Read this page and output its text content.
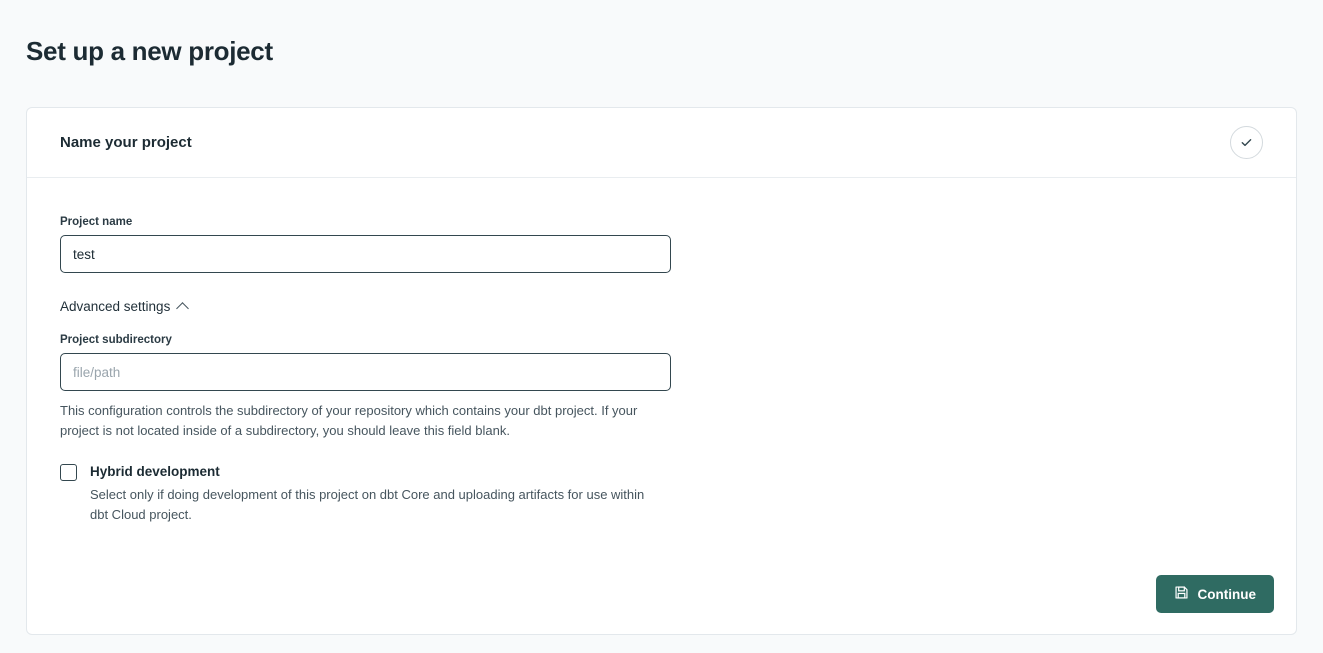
Set up a new project
Name your project
Project name
test
Advanced settings
Project subdirectory
file/path
This configuration controls the subdirectory of your repository which contains your dbt project. If your project is not located inside of a subdirectory, you should leave this field blank.
Hybrid development
Select only if doing development of this project on dbt Core and uploading artifacts for use within dbt Cloud project.
Continue
